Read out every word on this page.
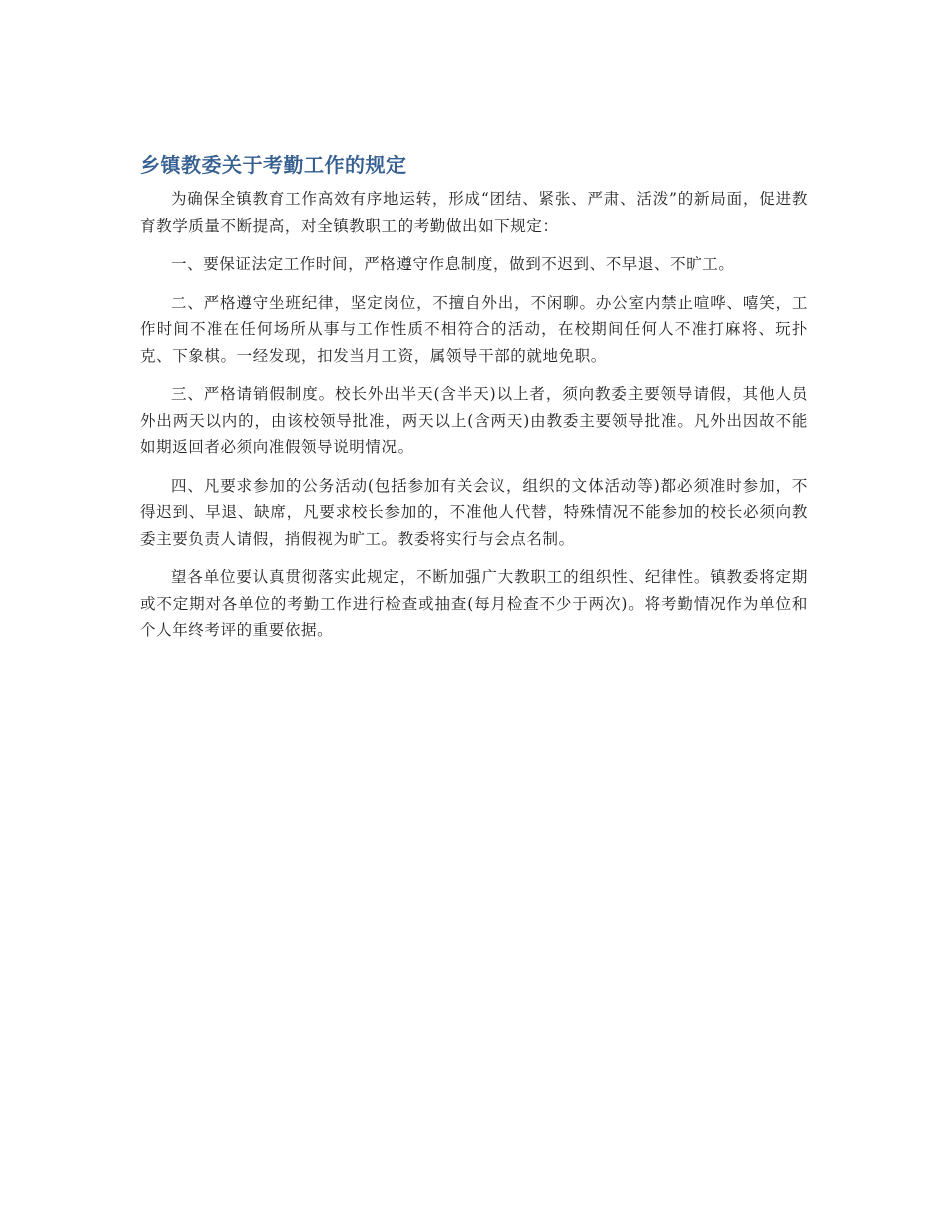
乡镇教委关于考勤工作的规定

为确保全镇教育工作高效有序地运转，形成“团结、紧张、严肃、活泼”的新局面，促进教育教学质量不断提高，对全镇教职工的考勤做出如下规定：

一、要保证法定工作时间，严格遵守作息制度，做到不迟到、不早退、不旷工。

二、严格遵守坐班纪律，坚定岗位，不擅自外出，不闲聊。办公室内禁止喧哗、嘻笑，工作时间不准在任何场所从事与工作性质不相符合的活动，在校期间任何人不准打麻将、玩扑克、下象棋。一经发现，扣发当月工资，属领导干部的就地免职。

三、严格请销假制度。校长外出半天(含半天)以上者，须向教委主要领导请假，其他人员外出两天以内的，由该校领导批准，两天以上(含两天)由教委主要领导批准。凡外出因故不能如期返回者必须向准假领导说明情况。

四、凡要求参加的公务活动(包括参加有关会议，组织的文体活动等)都必须准时参加，不得迟到、早退、缺席，凡要求校长参加的，不准他人代替，特殊情况不能参加的校长必须向教委主要负责人请假，捎假视为旷工。教委将实行与会点名制。

望各单位要认真贯彻落实此规定，不断加强广大教职工的组织性、纪律性。镇教委将定期或不定期对各单位的考勤工作进行检查或抽查(每月检查不少于两次)。将考勤情况作为单位和个人年终考评的重要依据。
